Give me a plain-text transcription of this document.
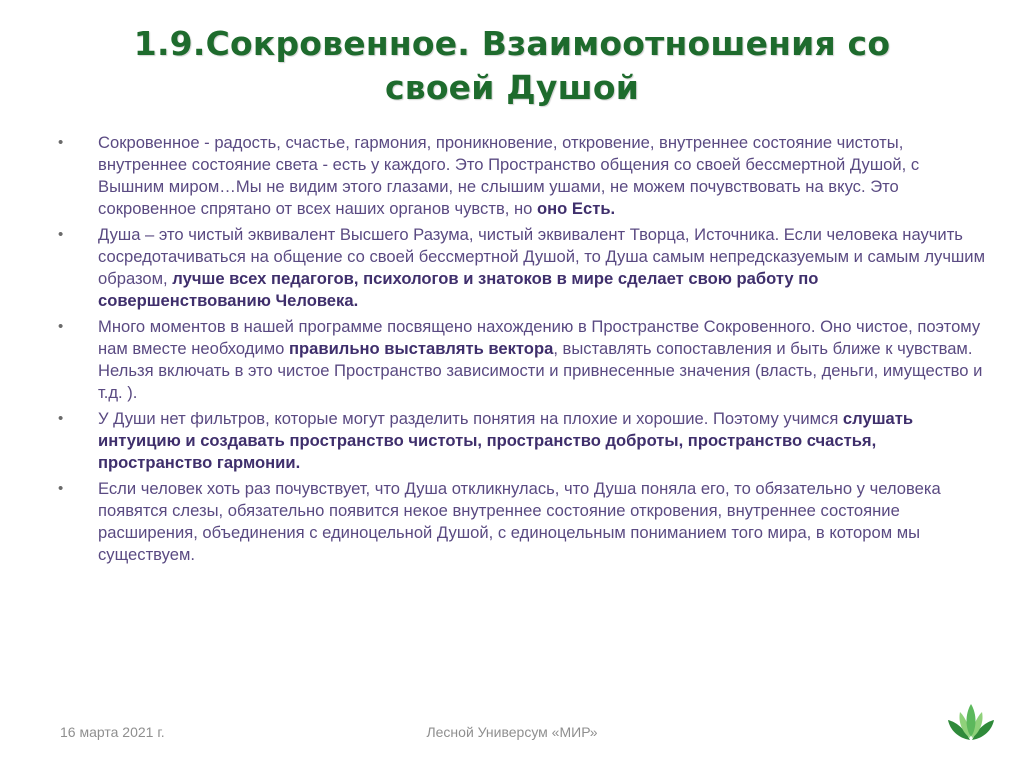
1.9.Сокровенное. Взаимоотношения со
своей Душой
• Сокровенное - радость, счастье, гармония, проникновение, откровение, внутреннее состояние чистоты, внутреннее состояние света - есть у каждого. Это Пространство общения со своей бессмертной Душой, с Вышним миром…Мы не видим этого глазами, не слышим ушами, не можем почувствовать на вкус. Это сокровенное спрятано от всех наших органов чувств, но оно Есть.
• Душа – это чистый эквивалент Высшего Разума, чистый эквивалент Творца, Источника. Если человека научить сосредотачиваться на общение со своей бессмертной Душой, то Душа самым непредсказуемым и самым лучшим образом, лучше всех педагогов, психологов и знатоков в мире сделает свою работу по совершенствованию Человека.
• Много моментов в нашей программе посвящено нахождению в Пространстве Сокровенного. Оно чистое, поэтому нам вместе необходимо правильно выставлять вектора, выставлять сопоставления и быть ближе к чувствам. Нельзя включать в это чистое Пространство зависимости и привнесенные значения (власть, деньги, имущество и т.д. ).
• У Души нет фильтров, которые могут разделить понятия на плохие и хорошие. Поэтому учимся слушать интуицию и создавать пространство чистоты, пространство доброты, пространство счастья, пространство гармонии.
• Если человек хоть раз почувствует, что Душа откликнулась, что Душа поняла его, то обязательно у человека появятся слезы, обязательно появится некое внутреннее состояние откровения, внутреннее состояние расширения, объединения с единоцельной Душой, с единоцельным пониманием того мира, в котором мы существуем.
16 марта 2021 г.	Лесной Универсум «МИР»
